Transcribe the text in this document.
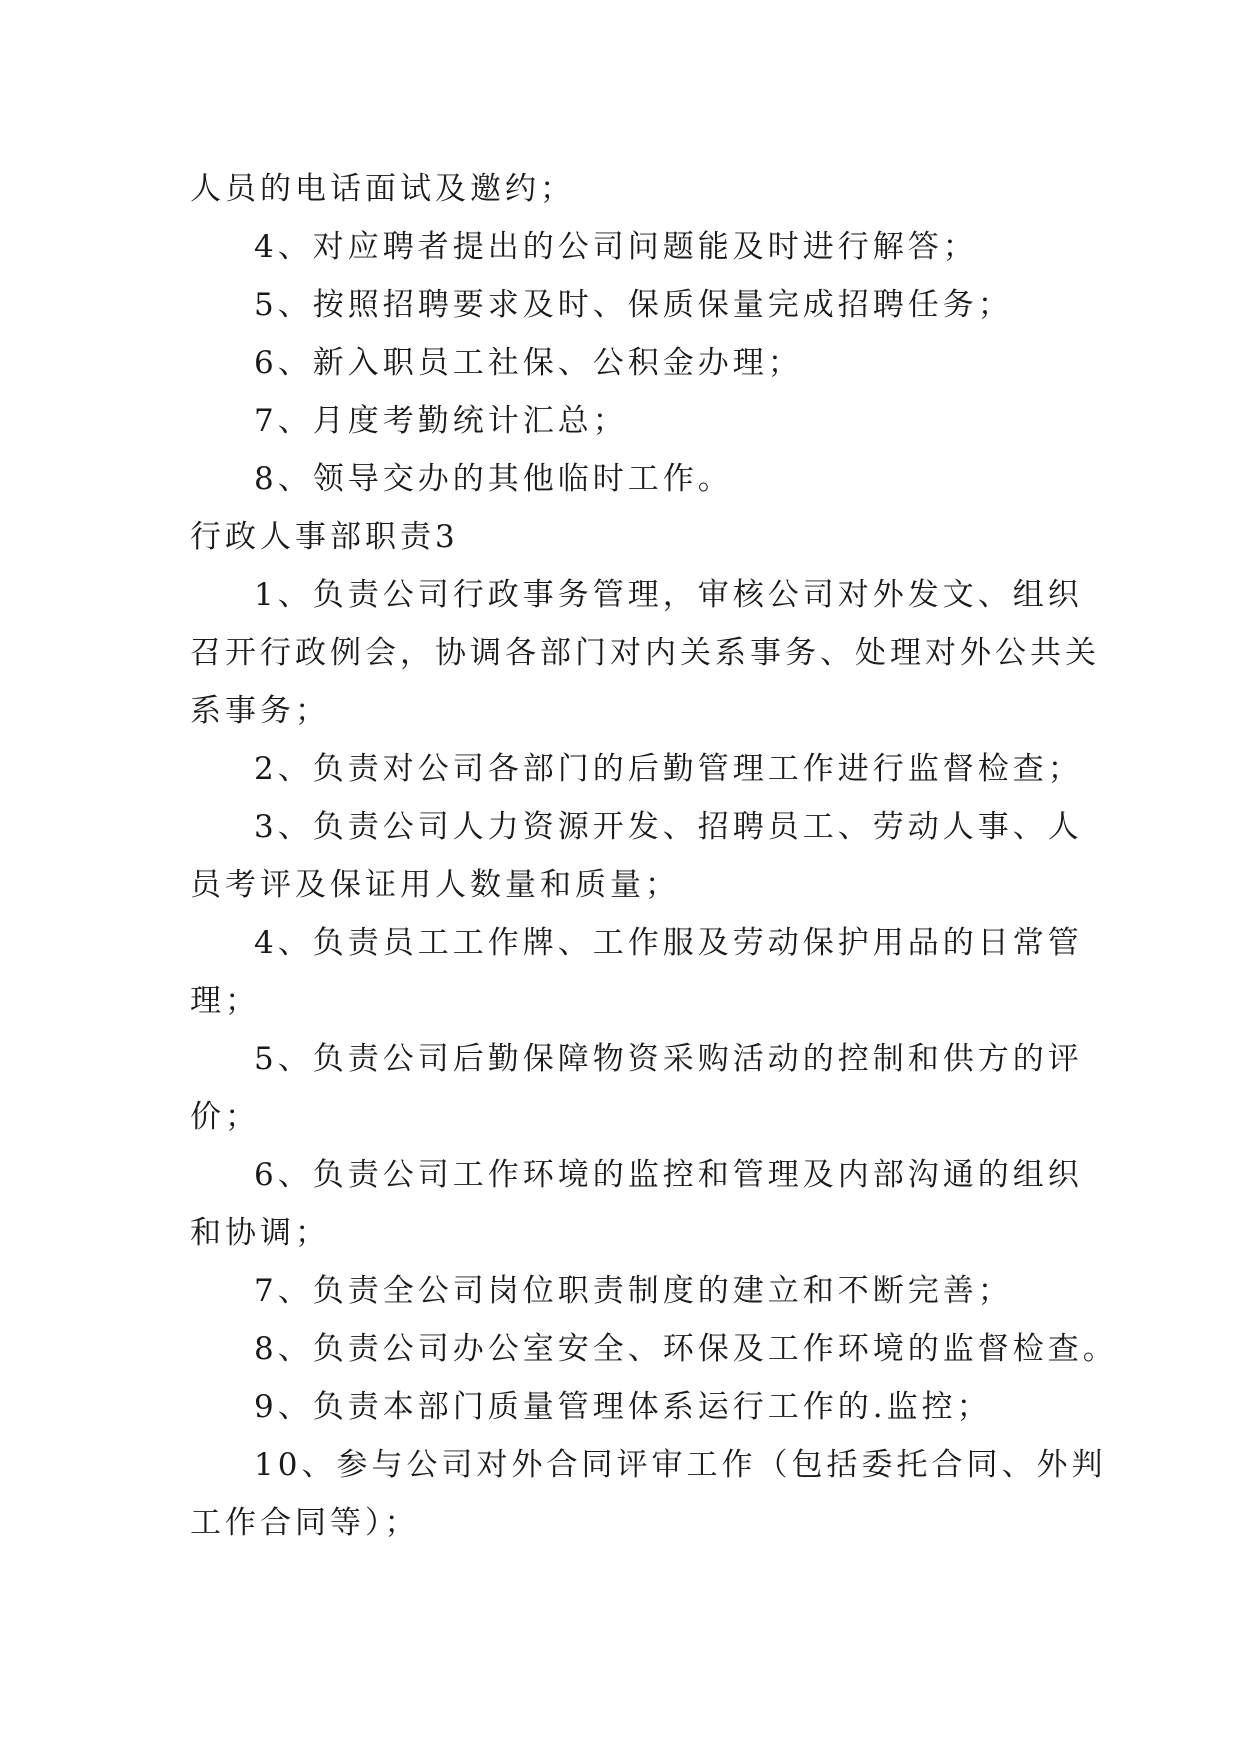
人员的电话面试及邀约；
4、对应聘者提出的公司问题能及时进行解答；
5、按照招聘要求及时、保质保量完成招聘任务；
6、新入职员工社保、公积金办理；
7、月度考勤统计汇总；
8、领导交办的其他临时工作。
行政人事部职责3
1、负责公司行政事务管理，审核公司对外发文、组织
召开行政例会，协调各部门对内关系事务、处理对外公共关
系事务；
2、负责对公司各部门的后勤管理工作进行监督检查；
3、负责公司人力资源开发、招聘员工、劳动人事、人
员考评及保证用人数量和质量；
4、负责员工工作牌、工作服及劳动保护用品的日常管
理；
5、负责公司后勤保障物资采购活动的控制和供方的评
价；
6、负责公司工作环境的监控和管理及内部沟通的组织
和协调；
7、负责全公司岗位职责制度的建立和不断完善；
8、负责公司办公室安全、环保及工作环境的监督检查。
9、负责本部门质量管理体系运行工作的.监控；
10、参与公司对外合同评审工作（包括委托合同、外判
工作合同等）；
